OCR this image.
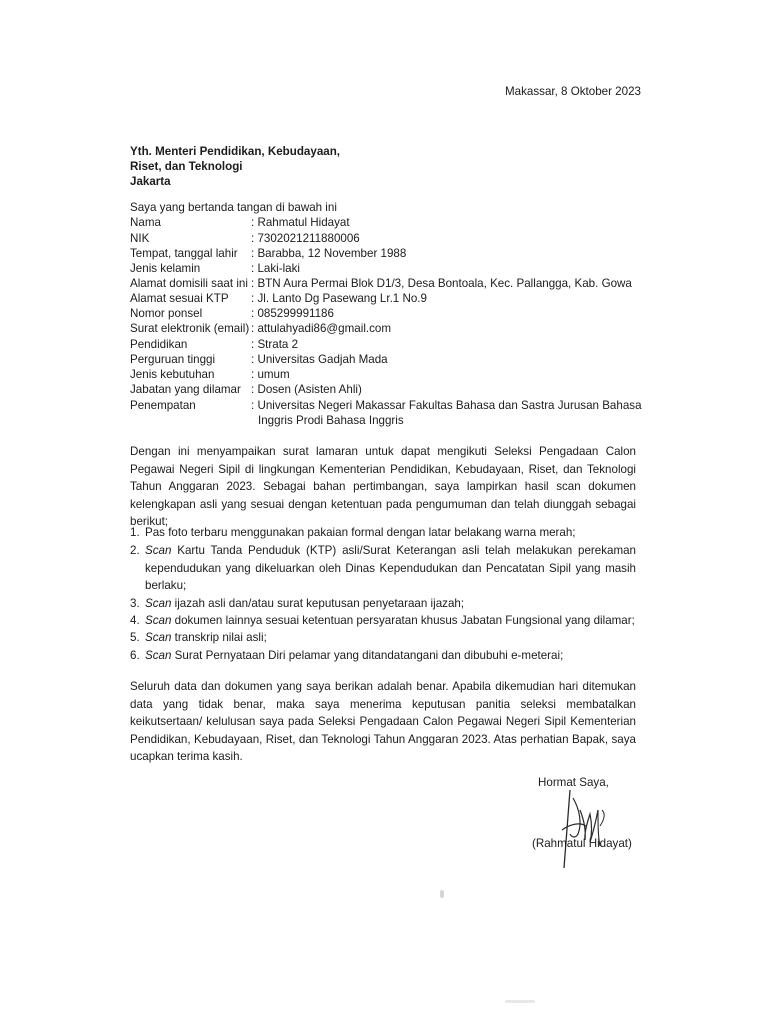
Makassar, 8 Oktober 2023
Yth. Menteri Pendidikan, Kebudayaan,
Riset, dan Teknologi
Jakarta
Saya yang bertanda tangan di bawah ini
Nama	: Rahmatul Hidayat
NIK	: 7302021211880006
Tempat, tanggal lahir : Barabba, 12 November 1988
Jenis kelamin	: Laki-laki
Alamat domisili saat ini : BTN Aura Permai Blok D1/3, Desa Bontoala, Kec. Pallangga, Kab. Gowa
Alamat sesuai KTP : Jl. Lanto Dg Pasewang Lr.1 No.9
Nomor ponsel	: 085299991186
Surat elektronik (email) : attulahyadi86@gmail.com
Pendidikan	: Strata 2
Perguruan tinggi	: Universitas Gadjah Mada
Jenis kebutuhan	: umum
Jabatan yang dilamar : Dosen (Asisten Ahli)
Penempatan	: Universitas Negeri Makassar Fakultas Bahasa dan Sastra Jurusan Bahasa
Inggris Prodi Bahasa Inggris
Dengan ini menyampaikan surat lamaran untuk dapat mengikuti Seleksi Pengadaan Calon Pegawai Negeri Sipil di lingkungan Kementerian Pendidikan, Kebudayaan, Riset, dan Teknologi Tahun Anggaran 2023. Sebagai bahan pertimbangan, saya lampirkan hasil scan dokumen kelengkapan asli yang sesuai dengan ketentuan pada pengumuman dan telah diunggah sebagai berikut;
1. Pas foto terbaru menggunakan pakaian formal dengan latar belakang warna merah;
2. Scan Kartu Tanda Penduduk (KTP) asli/Surat Keterangan asli telah melakukan perekaman kependudukan yang dikeluarkan oleh Dinas Kependudukan dan Pencatatan Sipil yang masih berlaku;
3. Scan ijazah asli dan/atau surat keputusan penyetaraan ijazah;
4. Scan dokumen lainnya sesuai ketentuan persyaratan khusus Jabatan Fungsional yang dilamar;
5. Scan transkrip nilai asli;
6. Scan Surat Pernyataan Diri pelamar yang ditandatangani dan dibubuhi e-meterai;
Seluruh data dan dokumen yang saya berikan adalah benar. Apabila dikemudian hari ditemukan data yang tidak benar, maka saya menerima keputusan panitia seleksi membatalkan keikutsertaan/ kelulusan saya pada Seleksi Pengadaan Calon Pegawai Negeri Sipil Kementerian Pendidikan, Kebudayaan, Riset, dan Teknologi Tahun Anggaran 2023. Atas perhatian Bapak, saya ucapkan terima kasih.
Hormat Saya,
(Rahmatul Hidayat)
